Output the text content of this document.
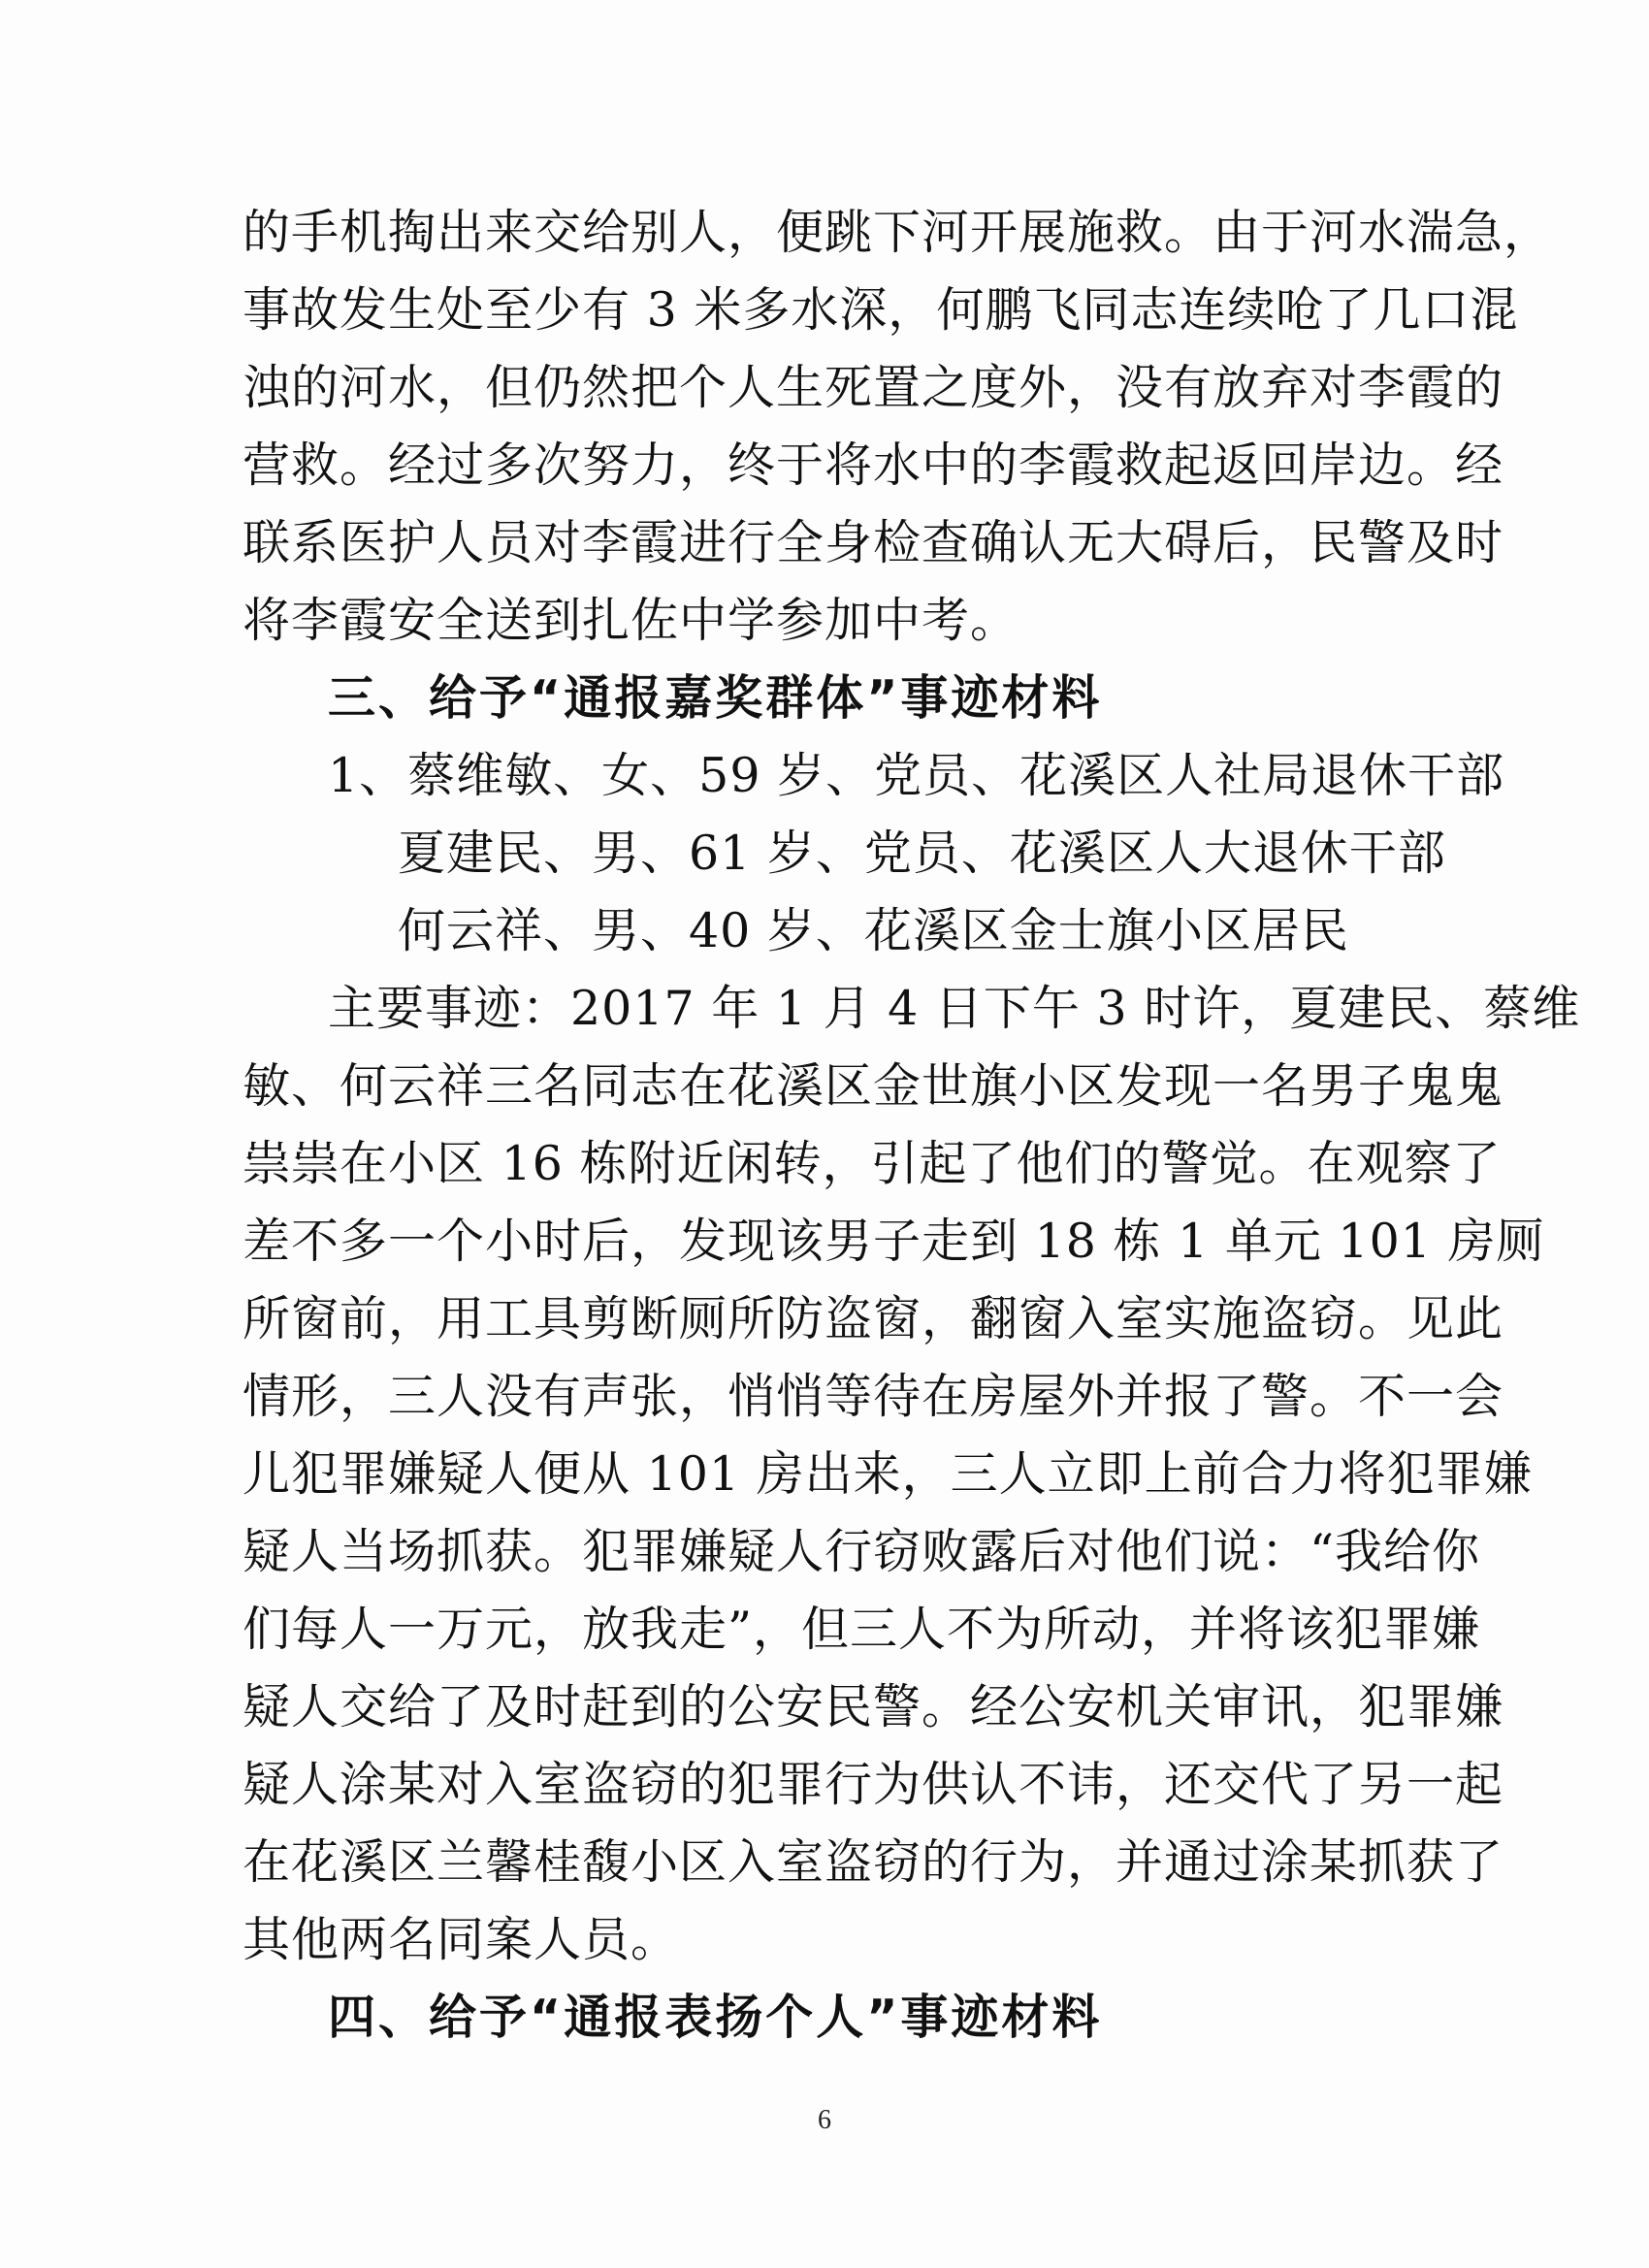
的手机掏出来交给别人，便跳下河开展施救。由于河水湍急，
事故发生处至少有 3 米多水深，何鹏飞同志连续呛了几口混
浊的河水，但仍然把个人生死置之度外，没有放弃对李霞的
营救。经过多次努力，终于将水中的李霞救起返回岸边。经
联系医护人员对李霞进行全身检查确认无大碍后，民警及时
将李霞安全送到扎佐中学参加中考。
三、给予“通报嘉奖群体”事迹材料
1、蔡维敏、女、59 岁、党员、花溪区人社局退休干部
夏建民、男、61 岁、党员、花溪区人大退休干部
何云祥、男、40 岁、花溪区金士旗小区居民
主要事迹：2017 年 1 月 4 日下午 3 时许，夏建民、蔡维
敏、何云祥三名同志在花溪区金世旗小区发现一名男子鬼鬼
祟祟在小区 16 栋附近闲转，引起了他们的警觉。在观察了
差不多一个小时后，发现该男子走到 18 栋 1 单元 101 房厕
所窗前，用工具剪断厕所防盗窗，翻窗入室实施盗窃。见此
情形，三人没有声张，悄悄等待在房屋外并报了警。不一会
儿犯罪嫌疑人便从 101 房出来，三人立即上前合力将犯罪嫌
疑人当场抓获。犯罪嫌疑人行窃败露后对他们说：“我给你
们每人一万元，放我走”，但三人不为所动，并将该犯罪嫌
疑人交给了及时赶到的公安民警。经公安机关审讯，犯罪嫌
疑人涂某对入室盗窃的犯罪行为供认不讳，还交代了另一起
在花溪区兰馨桂馥小区入室盗窃的行为，并通过涂某抓获了
其他两名同案人员。
四、给予“通报表扬个人”事迹材料
6
